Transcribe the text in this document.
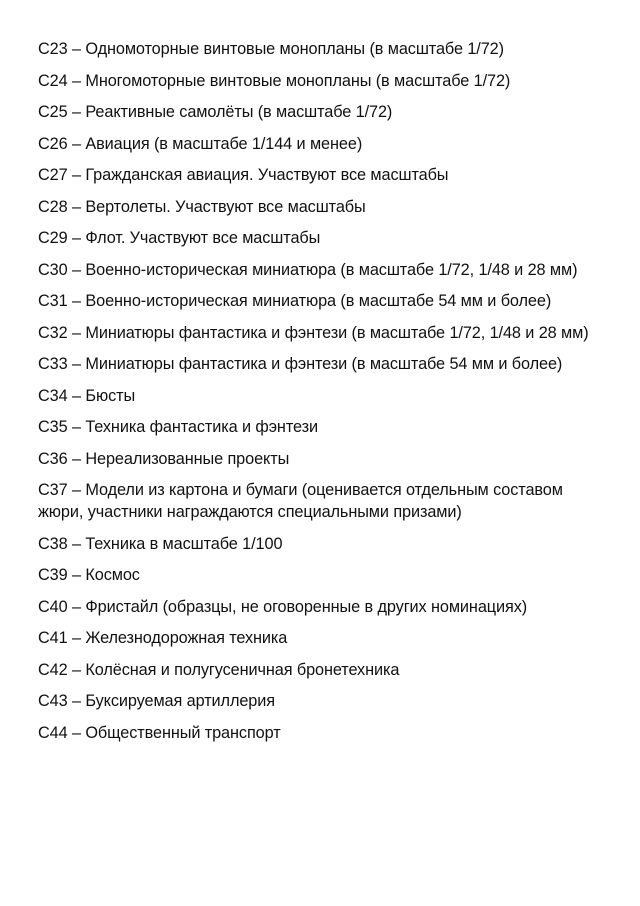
С23 – Одномоторные винтовые монопланы (в масштабе 1/72)

С24 – Многомоторные винтовые монопланы (в масштабе 1/72)

С25 – Реактивные самолёты (в масштабе 1/72)

С26 – Авиация (в масштабе 1/144 и менее)

С27 – Гражданская авиация. Участвуют все масштабы

С28 – Вертолеты. Участвуют все масштабы

С29 – Флот. Участвуют все масштабы

С30 – Военно-историческая миниатюра (в масштабе 1/72, 1/48 и 28 мм)

С31 – Военно-историческая миниатюра (в масштабе 54 мм и более)

С32 – Миниатюры фантастика и фэнтези (в масштабе 1/72, 1/48 и 28 мм)

С33 – Миниатюры фантастика и фэнтези (в масштабе 54 мм и более)

С34 – Бюсты

С35 – Техника фантастика и фэнтези

С36 – Нереализованные проекты

С37 – Модели из картона и бумаги (оценивается отдельным составом жюри, участники награждаются специальными призами)

С38 – Техника в масштабе 1/100

С39 – Космос

С40 – Фристайл (образцы, не оговоренные в других номинациях)

С41 – Железнодорожная техника

С42 – Колёсная и полугусеничная бронетехника

С43 – Буксируемая артиллерия

С44 – Общественный транспорт
